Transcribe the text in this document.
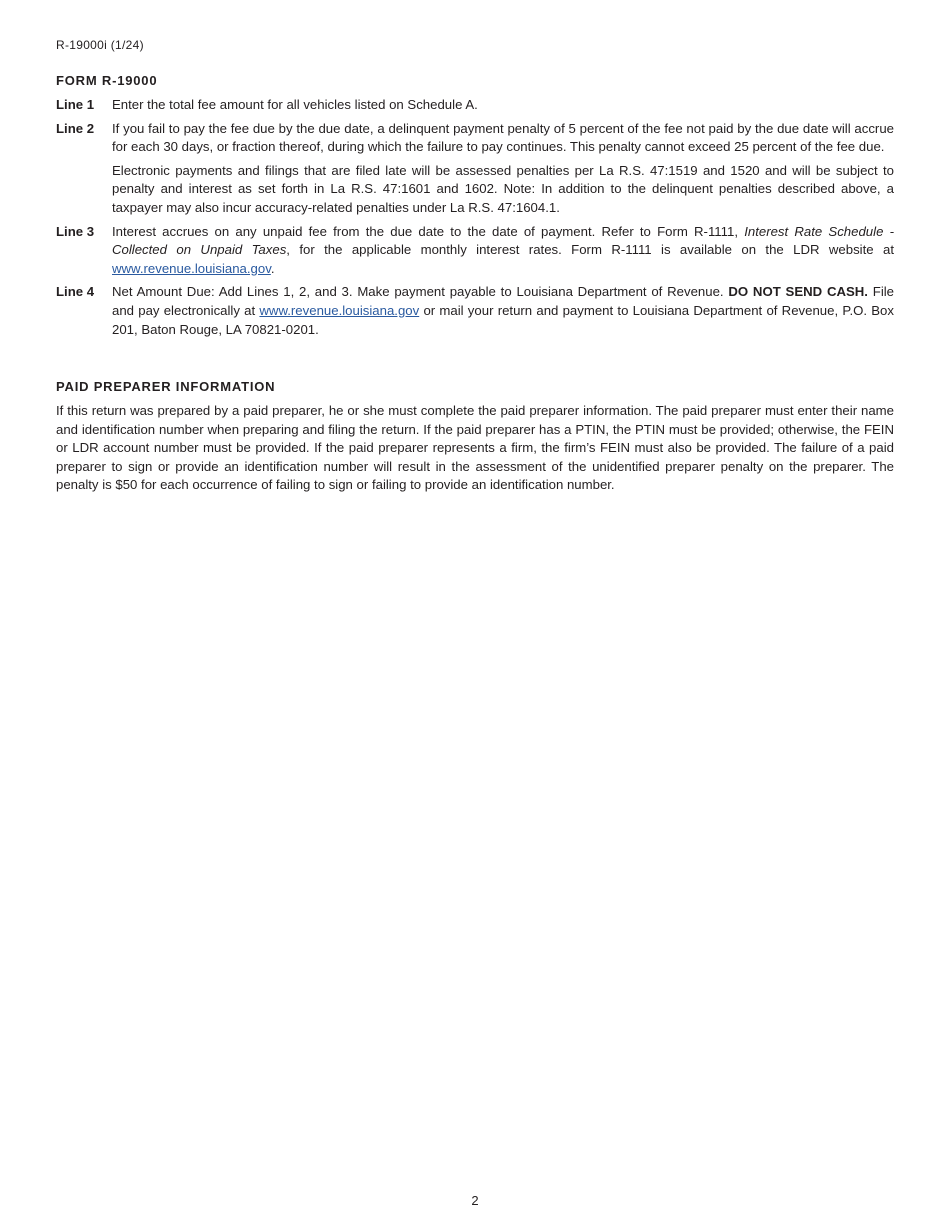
R-19000i (1/24)
FORM R-19000
Line 1	Enter the total fee amount for all vehicles listed on Schedule A.
Line 2	If you fail to pay the fee due by the due date, a delinquent payment penalty of 5 percent of the fee not paid by the due date will accrue for each 30 days, or fraction thereof, during which the failure to pay continues. This penalty cannot exceed 25 percent of the fee due.

Electronic payments and filings that are filed late will be assessed penalties per La R.S. 47:1519 and 1520 and will be subject to penalty and interest as set forth in La R.S. 47:1601 and 1602. Note: In addition to the delinquent penalties described above, a taxpayer may also incur accuracy-related penalties under La R.S. 47:1604.1.

Line 3	Interest accrues on any unpaid fee from the due date to the date of payment. Refer to Form R-1111, Interest Rate Schedule - Collected on Unpaid Taxes, for the applicable monthly interest rates. Form R-1111 is available on the LDR website at www.revenue.louisiana.gov.
Line 4	Net Amount Due: Add Lines 1, 2, and 3. Make payment payable to Louisiana Department of Revenue. DO NOT SEND CASH. File and pay electronically at www.revenue.louisiana.gov or mail your return and payment to Louisiana Department of Revenue, P.O. Box 201, Baton Rouge, LA 70821-0201.
PAID PREPARER INFORMATION

If this return was prepared by a paid preparer, he or she must complete the paid preparer information. The paid preparer must enter their name and identification number when preparing and filing the return. If the paid preparer has a PTIN, the PTIN must be provided; otherwise, the FEIN or LDR account number must be provided. If the paid preparer represents a firm, the firm’s FEIN must also be provided. The failure of a paid preparer to sign or provide an identification number will result in the assessment of the unidentified preparer penalty on the preparer. The penalty is $50 for each occurrence of failing to sign or failing to provide an identification number.

2
